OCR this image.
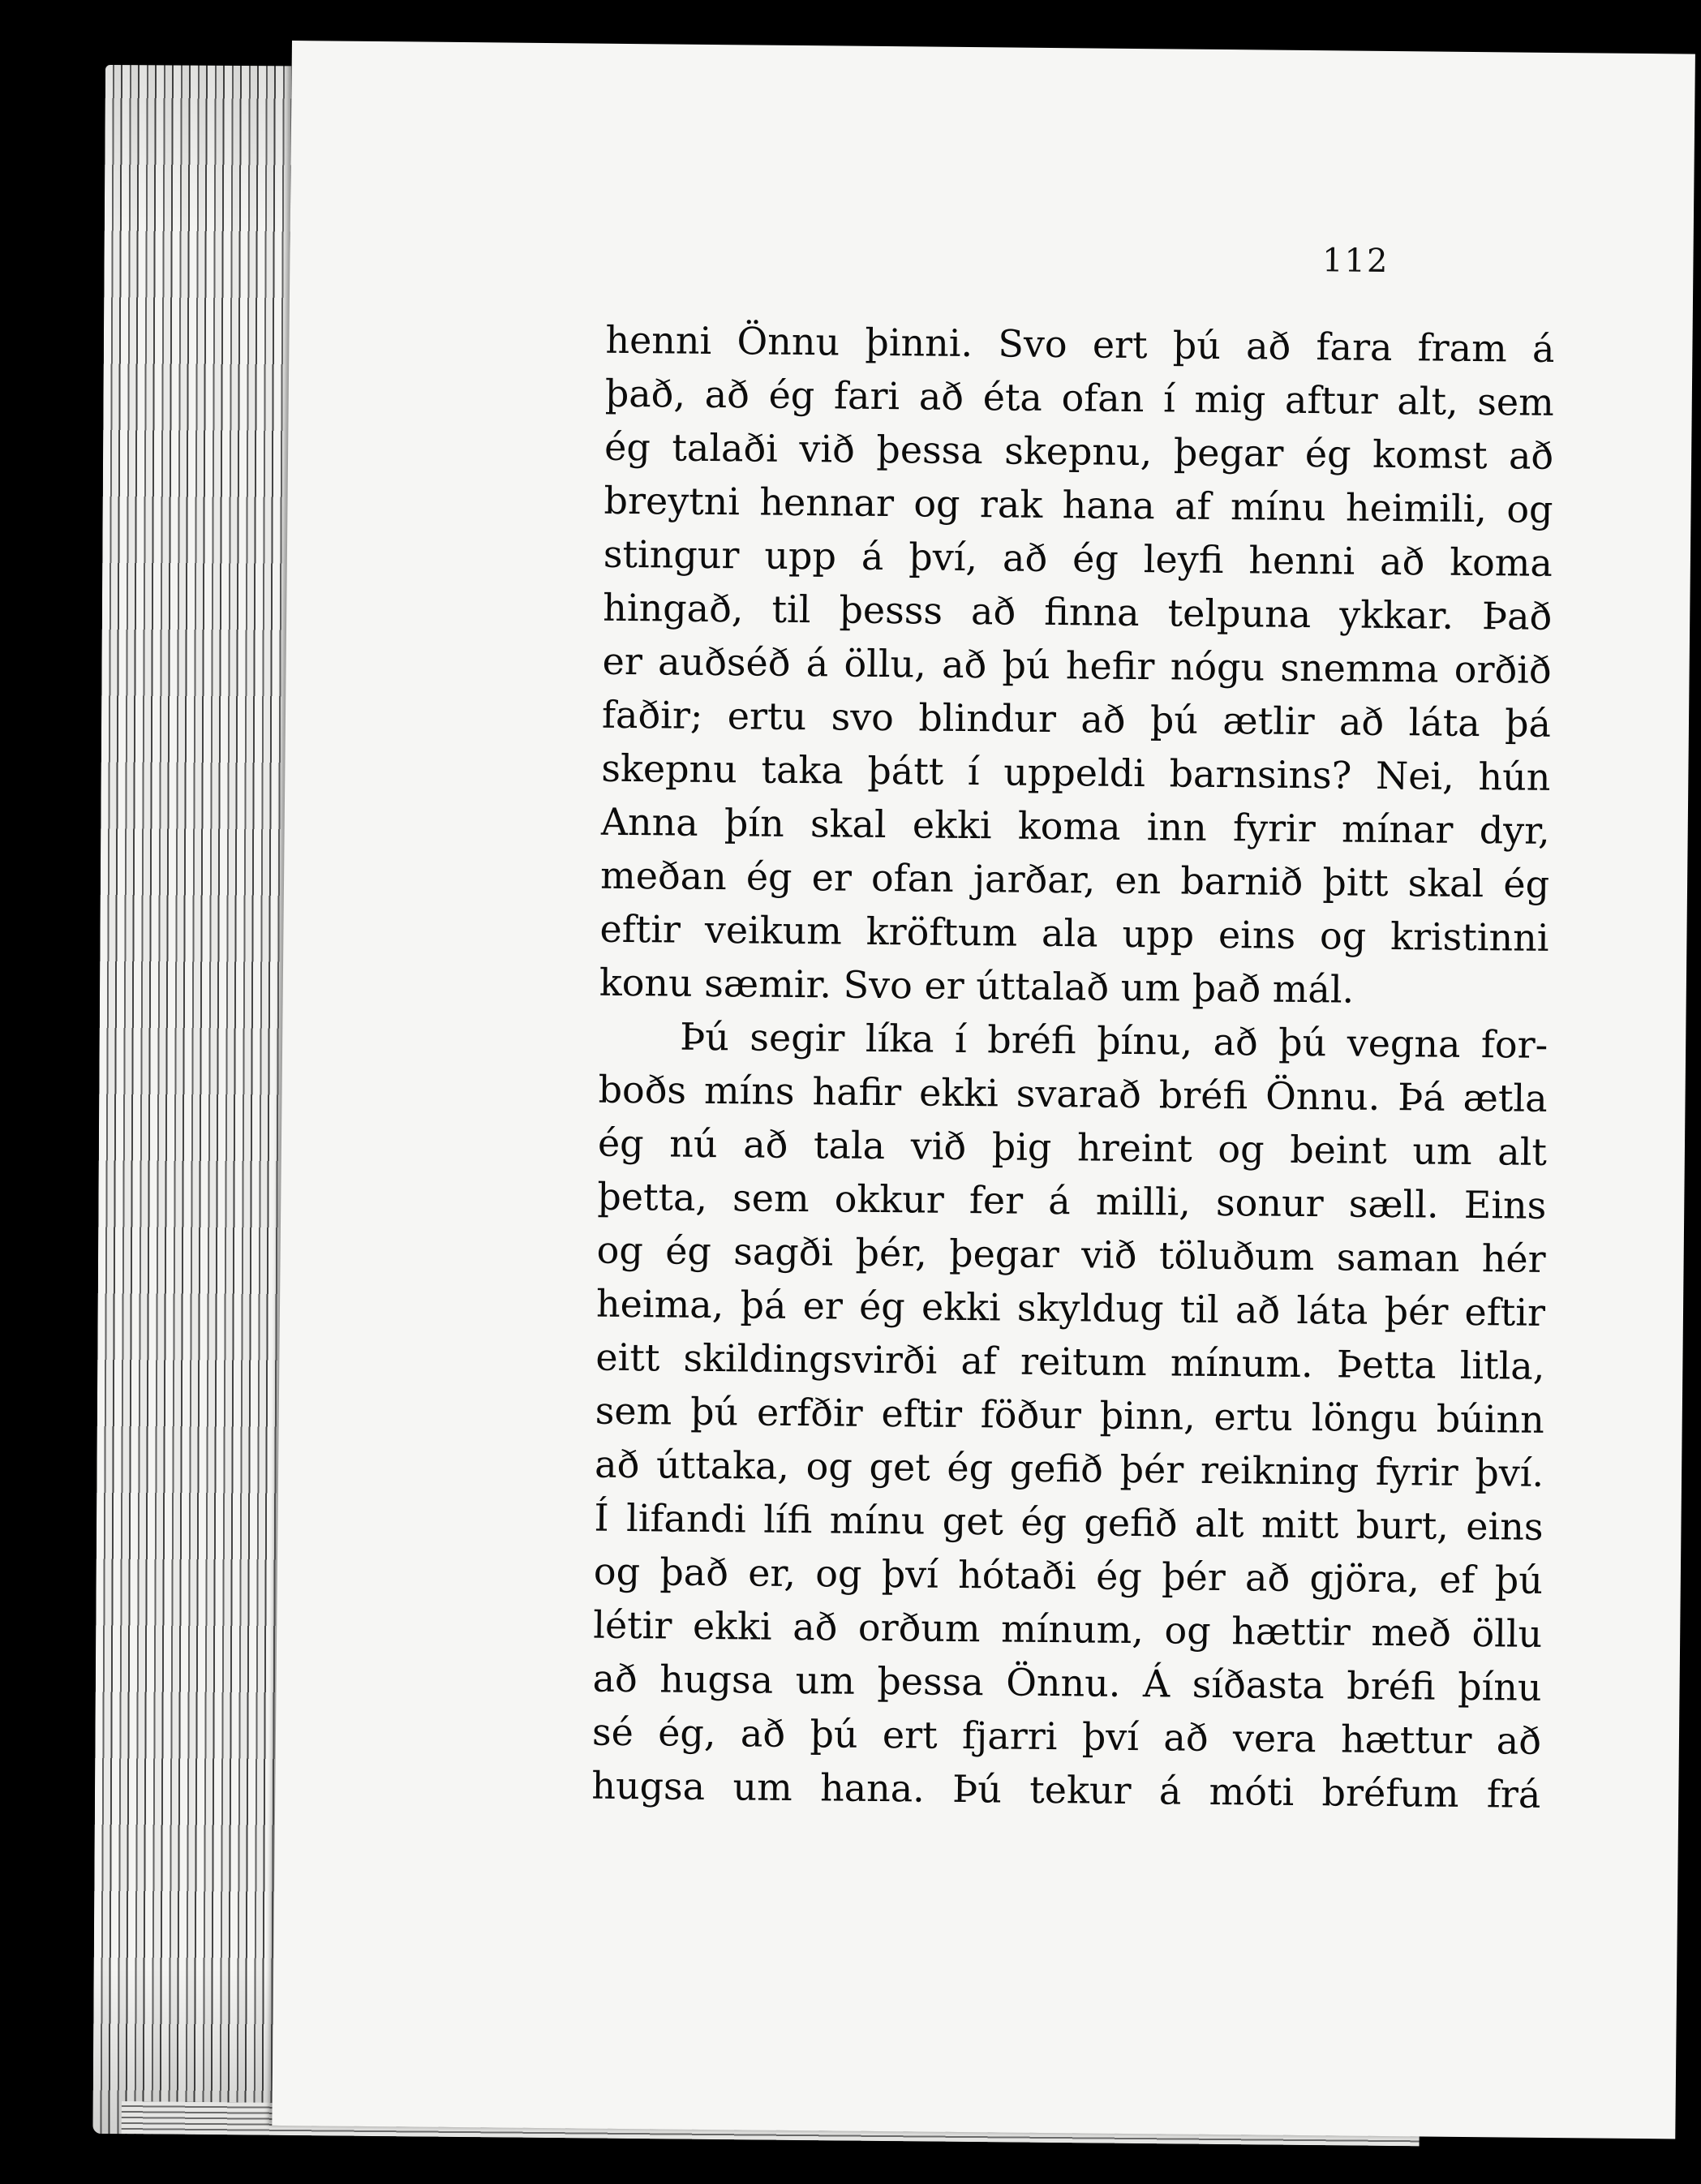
112
henni Önnu þinni. Svo ert þú að fara fram á
það, að ég fari að éta ofan í mig aftur alt, sem
ég talaði við þessa skepnu, þegar ég komst að
breytni hennar og rak hana af mínu heimili, og
stingur upp á því, að ég leyfi henni að koma
hingað, til þesss að finna telpuna ykkar. Það
er auðséð á öllu, að þú hefir nógu snemma orðið
faðir; ertu svo blindur að þú ætlir að láta þá
skepnu taka þátt í uppeldi barnsins? Nei, hún
Anna þín skal ekki koma inn fyrir mínar dyr,
meðan ég er ofan jarðar, en barnið þitt skal ég
eftir veikum kröftum ala upp eins og kristinni
konu sæmir. Svo er úttalað um það mál.
Þú segir líka í bréfi þínu, að þú vegna for-
boðs míns hafir ekki svarað bréfi Önnu. Þá ætla
ég nú að tala við þig hreint og beint um alt
þetta, sem okkur fer á milli, sonur sæll. Eins
og ég sagði þér, þegar við töluðum saman hér
heima, þá er ég ekki skyldug til að láta þér eftir
eitt skildingsvirði af reitum mínum. Þetta litla,
sem þú erfðir eftir föður þinn, ertu löngu búinn
að úttaka, og get ég gefið þér reikning fyrir því.
Í lifandi lífi mínu get ég gefið alt mitt burt, eins
og það er, og því hótaði ég þér að gjöra, ef þú
létir ekki að orðum mínum, og hættir með öllu
að hugsa um þessa Önnu. Á síðasta bréfi þínu
sé ég, að þú ert fjarri því að vera hættur að
hugsa um hana. Þú tekur á móti bréfum frá
